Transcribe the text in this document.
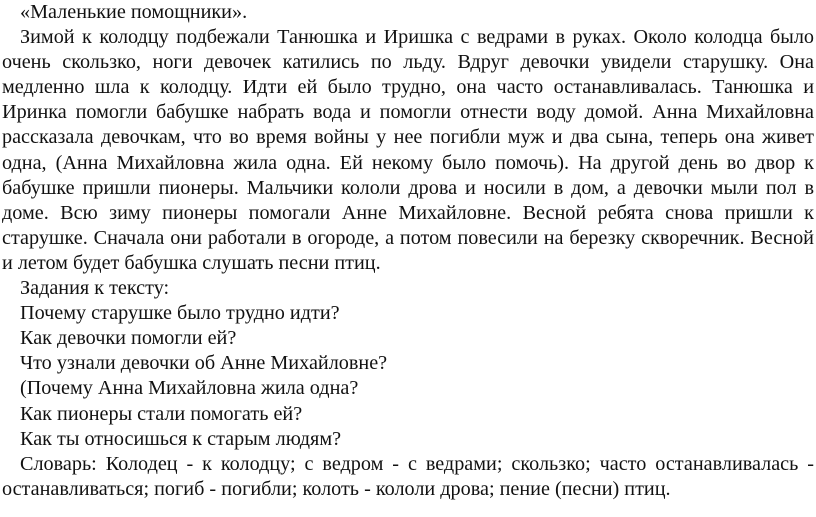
«Маленькие помощники».

Зимой к колодцу подбежали Танюшка и Иришка с ведрами в руках. Около колодца было очень скользко, ноги девочек катились по льду. Вдруг девочки увидели старушку. Она медленно шла к колодцу. Идти ей было трудно, она часто останавливалась. Танюшка и Иринка помогли бабушке набрать вода и помогли отнести воду домой. Анна Михайловна рассказала девочкам, что во время войны у нее погибли муж и два сына, теперь она живет одна, (Анна Михайловна жила одна. Ей некому было помочь). На другой день во двор к бабушке пришли пионеры. Мальчики кололи дрова и носили в дом, а девочки мыли пол в доме. Всю зиму пионеры помогали Анне Михайловне. Весной ребята снова пришли к старушке. Сначала они работали в огороде, а потом повесили на березку скворечник. Весной и летом будет бабушка слушать песни птиц.

Задания к тексту:

Почему старушке было трудно идти?

Как девочки помогли ей?

Что узнали девочки об Анне Михайловне?

(Почему Анна Михайловна жила одна?

Как пионеры стали помогать ей?

Как ты относишься к старым людям?

Словарь: Колодец - к колодцу; с ведром - с ведрами; скользко; часто останавливалась - останавливаться; погиб - погибли; колоть - кололи дрова; пение (песни) птиц.
